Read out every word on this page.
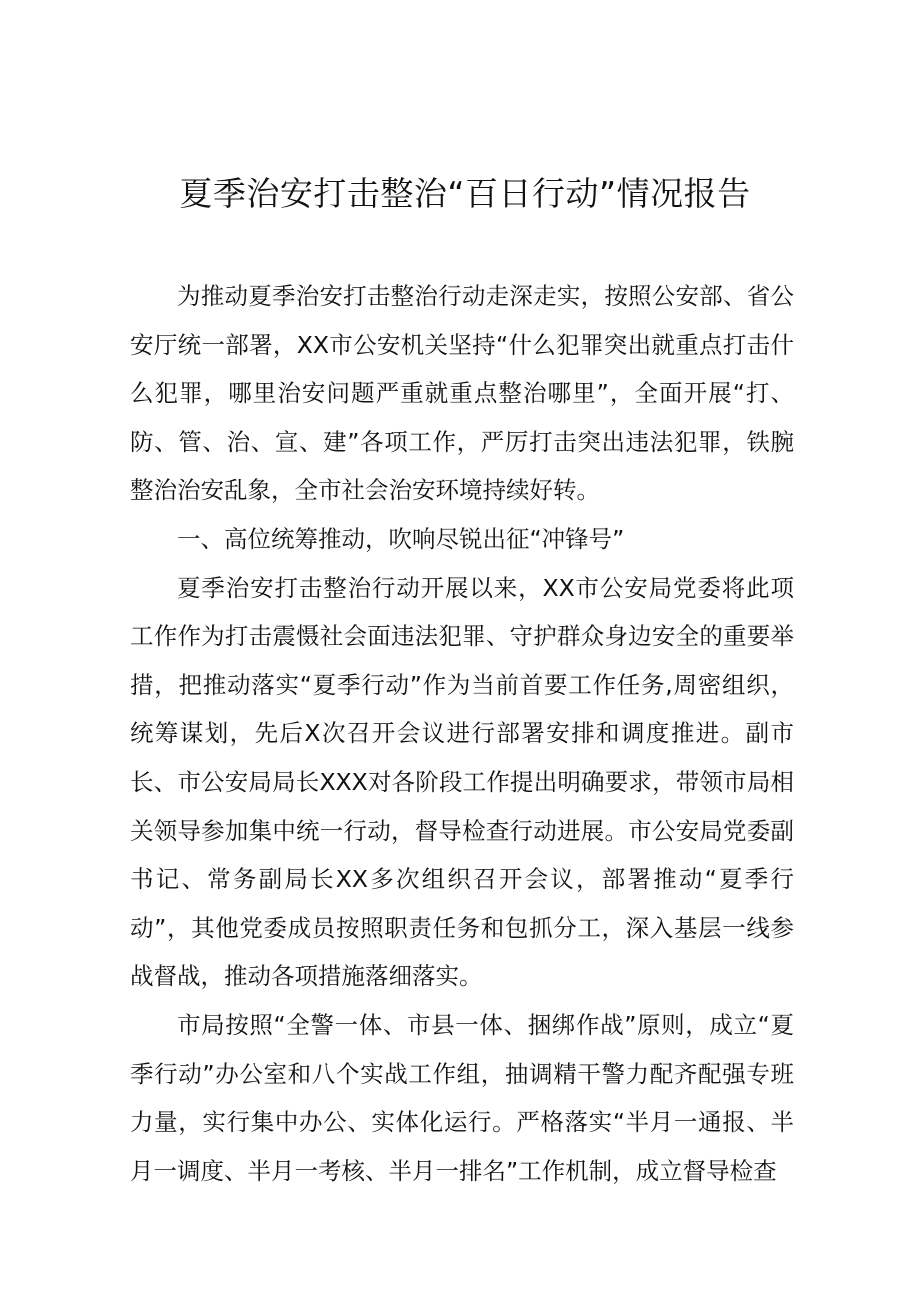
夏季治安打击整治“百日行动”情况报告

为推动夏季治安打击整治行动走深走实，按照公安部、省公安厅统一部署，XX市公安机关坚持“什么犯罪突出就重点打击什么犯罪，哪里治安问题严重就重点整治哪里”，全面开展“打、防、管、治、宣、建”各项工作，严厉打击突出违法犯罪，铁腕整治治安乱象，全市社会治安环境持续好转。

一、高位统筹推动，吹响尽锐出征“冲锋号”

夏季治安打击整治行动开展以来，XX市公安局党委将此项工作作为打击震慑社会面违法犯罪、守护群众身边安全的重要举措，把推动落实“夏季行动”作为当前首要工作任务,周密组织，统筹谋划，先后X次召开会议进行部署安排和调度推进。副市长、市公安局局长XXX对各阶段工作提出明确要求，带领市局相关领导参加集中统一行动，督导检查行动进展。市公安局党委副书记、常务副局长XX多次组织召开会议，部署推动“夏季行动”，其他党委成员按照职责任务和包抓分工，深入基层一线参战督战，推动各项措施落细落实。

市局按照“全警一体、市县一体、捆绑作战”原则，成立“夏季行动”办公室和八个实战工作组，抽调精干警力配齐配强专班力量，实行集中办公、实体化运行。严格落实“半月一通报、半月一调度、半月一考核、半月一排名”工作机制，成立督导检查
